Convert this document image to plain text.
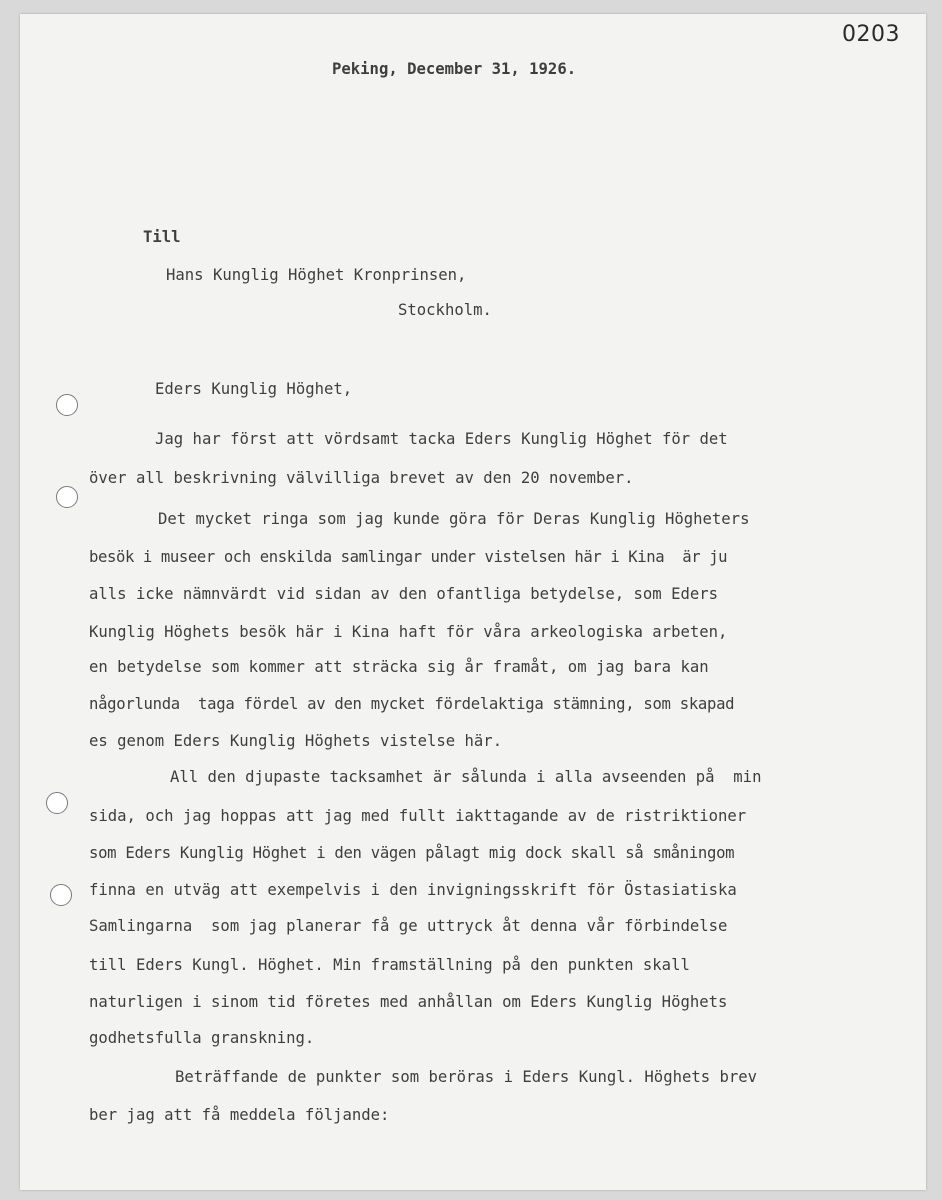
0203
Peking, December 31, 1926.
Till
Hans Kunglig Höghet Kronprinsen,
Stockholm.
Eders Kunglig Höghet,
Jag har först att vördsamt tacka Eders Kunglig Höghet för det
över all beskrivning välvilliga brevet av den 20 november.
Det mycket ringa som jag kunde göra för Deras Kunglig Högheters
besök i museer och enskilda samlingar under vistelsen här i Kina  är ju
alls icke nämnvärdt vid sidan av den ofantliga betydelse, som Eders
Kunglig Höghets besök här i Kina haft för våra arkeologiska arbeten,
en betydelse som kommer att sträcka sig år framåt, om jag bara kan
någorlunda  taga fördel av den mycket fördelaktiga stämning, som skapad
es genom Eders Kunglig Höghets vistelse här.
All den djupaste tacksamhet är sålunda i alla avseenden på  min
sida, och jag hoppas att jag med fullt iakttagande av de ristriktioner
som Eders Kunglig Höghet i den vägen pålagt mig dock skall så småningom
finna en utväg att exempelvis i den invigningsskrift för Östasiatiska
Samlingarna  som jag planerar få ge uttryck åt denna vår förbindelse
till Eders Kungl. Höghet. Min framställning på den punkten skall
naturligen i sinom tid företes med anhållan om Eders Kunglig Höghets
godhetsfulla granskning.
Beträffande de punkter som beröras i Eders Kungl. Höghets brev
ber jag att få meddela följande:
